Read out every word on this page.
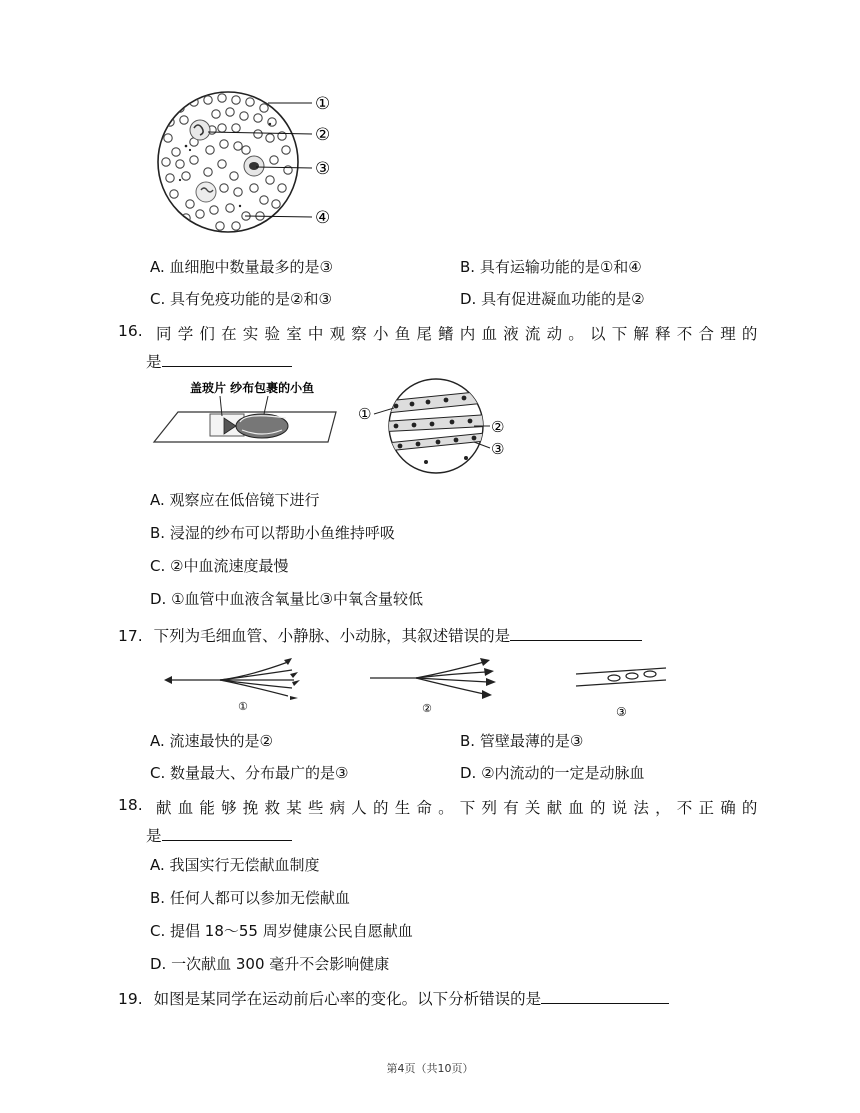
①
②
③
④
A. 血细胞中数量最多的是③	B. 具有运输功能的是①和④
C. 具有免疫功能的是②和③	D. 具有促进凝血功能的是②
16. 同学们在实验室中观察小鱼尾鳍内血液流动。以下解释不合理的
是
盖玻片 纱布包裹的小鱼
①
②
③
A. 观察应在低倍镜下进行
B. 浸湿的纱布可以帮助小鱼维持呼吸
C. ②中血流速度最慢
D. ①血管中血液含氧量比③中氧含量较低
17. 下列为毛细血管、小静脉、小动脉，其叙述错误的是
①	②	③
A. 流速最快的是②	B. 管壁最薄的是③
C. 数量最大、分布最广的是③	D. ②内流动的一定是动脉血
18. 献血能够挽救某些病人的生命。下列有关献血的说法，不正确的
是
A. 我国实行无偿献血制度
B. 任何人都可以参加无偿献血
C. 提倡 18～55 周岁健康公民自愿献血
D. 一次献血 300 毫升不会影响健康
19. 如图是某同学在运动前后心率的变化。以下分析错误的是
第4页（共10页）
